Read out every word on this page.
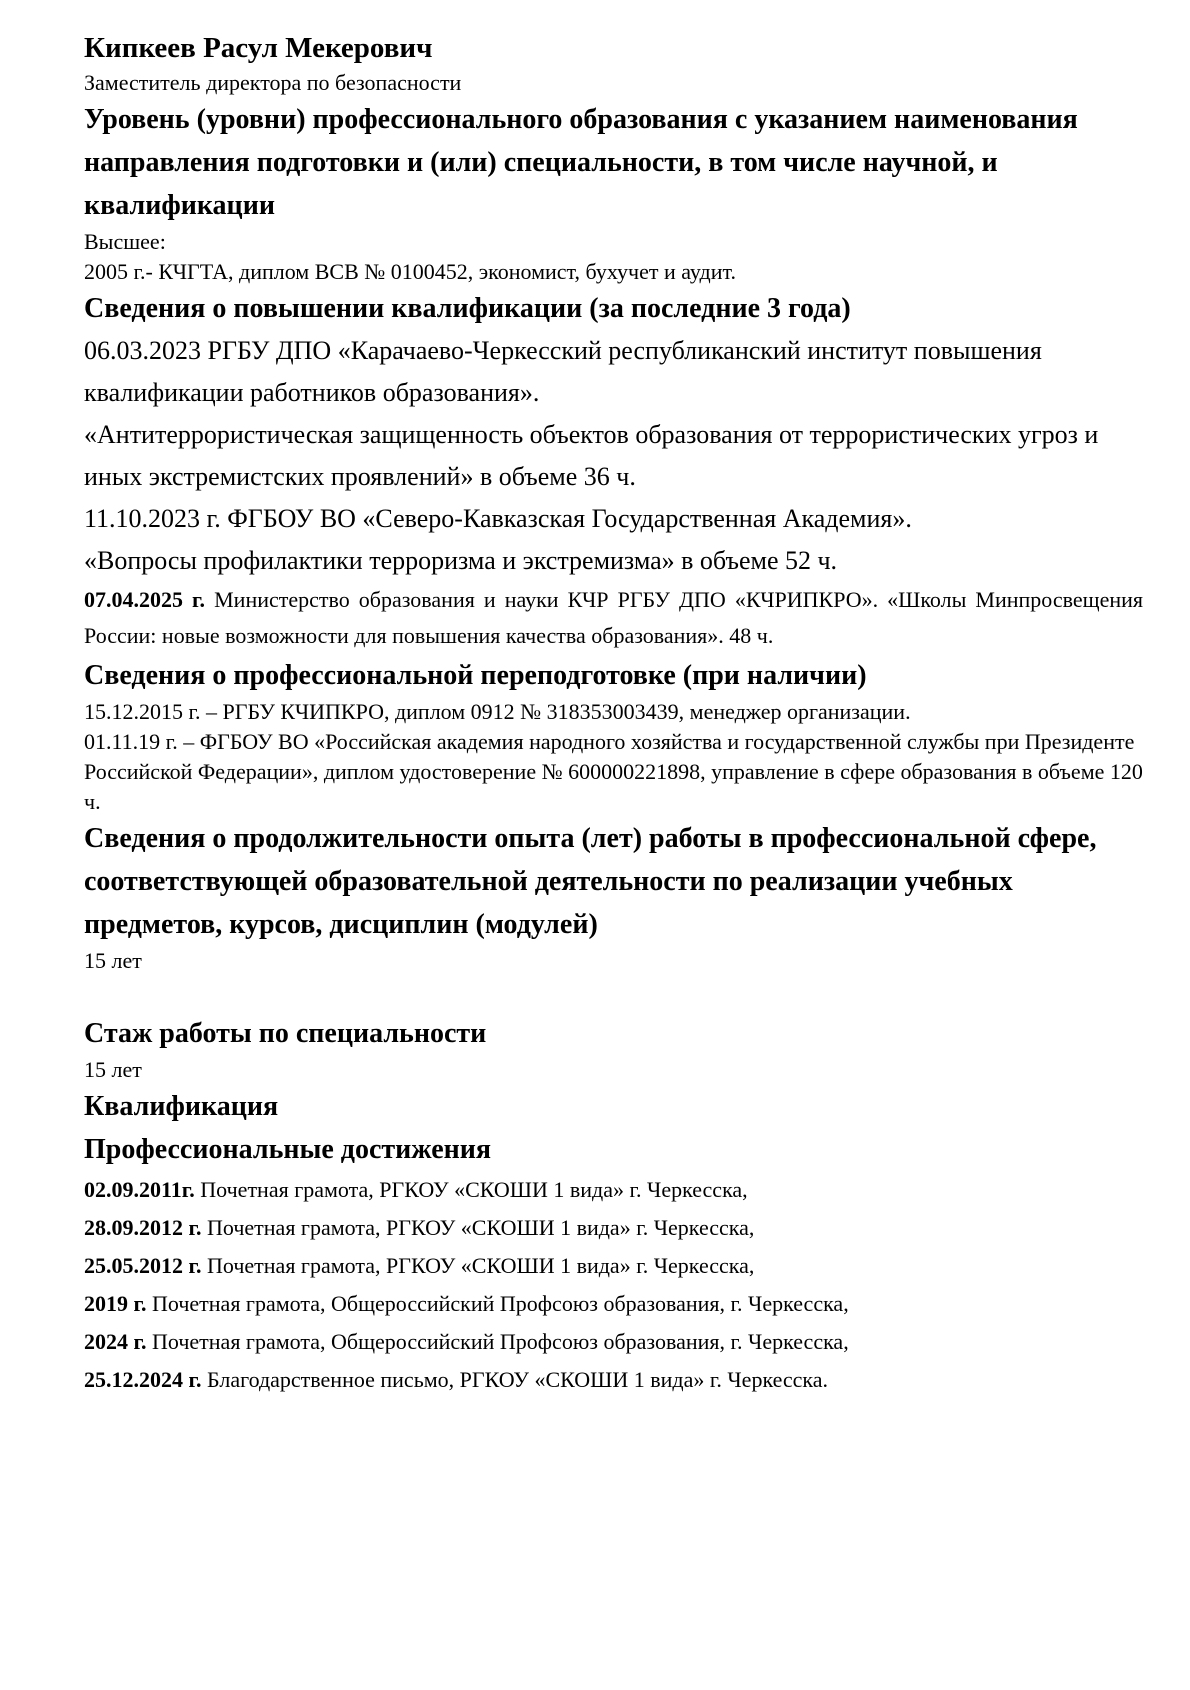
Кипкеев Расул Мекерович

Заместитель директора по безопасности

Уровень (уровни) профессионального образования с указанием наименования направления подготовки и (или) специальности, в том числе научной, и квалификации

Высшее:

2005 г.- КЧГТА, диплом ВСВ № 0100452, экономист, бухучет и аудит.

Сведения о повышении квалификации (за последние 3 года)

06.03.2023 РГБУ ДПО «Карачаево-Черкесский республиканский институт повышения квалификации работников образования».

«Антитеррористическая защищенность объектов образования от террористических угроз и иных экстремистских проявлений» в объеме 36 ч.

11.10.2023 г. ФГБОУ ВО «Северо-Кавказская Государственная Академия».

«Вопросы профилактики терроризма и экстремизма» в объеме 52 ч.

07.04.2025 г. Министерство образования и науки КЧР РГБУ ДПО «КЧРИПКРО». «Школы Минпросвещения России: новые возможности для повышения качества образования». 48 ч.

Сведения о профессиональной переподготовке (при наличии)

15.12.2015 г. – РГБУ КЧИПКРО, диплом 0912 № 318353003439, менеджер организации.

01.11.19 г. – ФГБОУ ВО «Российская академия народного хозяйства и государственной службы при Президенте Российской Федерации», диплом удостоверение № 600000221898, управление в сфере образования в объеме 120 ч.

Сведения о продолжительности опыта (лет) работы в профессиональной сфере, соответствующей образовательной деятельности по реализации учебных предметов, курсов, дисциплин (модулей)

15 лет

Стаж работы по специальности

15 лет

Квалификация

Профессиональные достижения

02.09.2011г. Почетная грамота, РГКОУ «СКОШИ 1 вида» г. Черкесска,

28.09.2012 г. Почетная грамота, РГКОУ «СКОШИ 1 вида» г. Черкесска,

25.05.2012 г. Почетная грамота, РГКОУ «СКОШИ 1 вида» г. Черкесска,

2019 г. Почетная грамота, Общероссийский Профсоюз образования, г. Черкесска,

2024 г. Почетная грамота, Общероссийский Профсоюз образования, г. Черкесска,

25.12.2024 г. Благодарственное письмо, РГКОУ «СКОШИ 1 вида» г. Черкесска.
